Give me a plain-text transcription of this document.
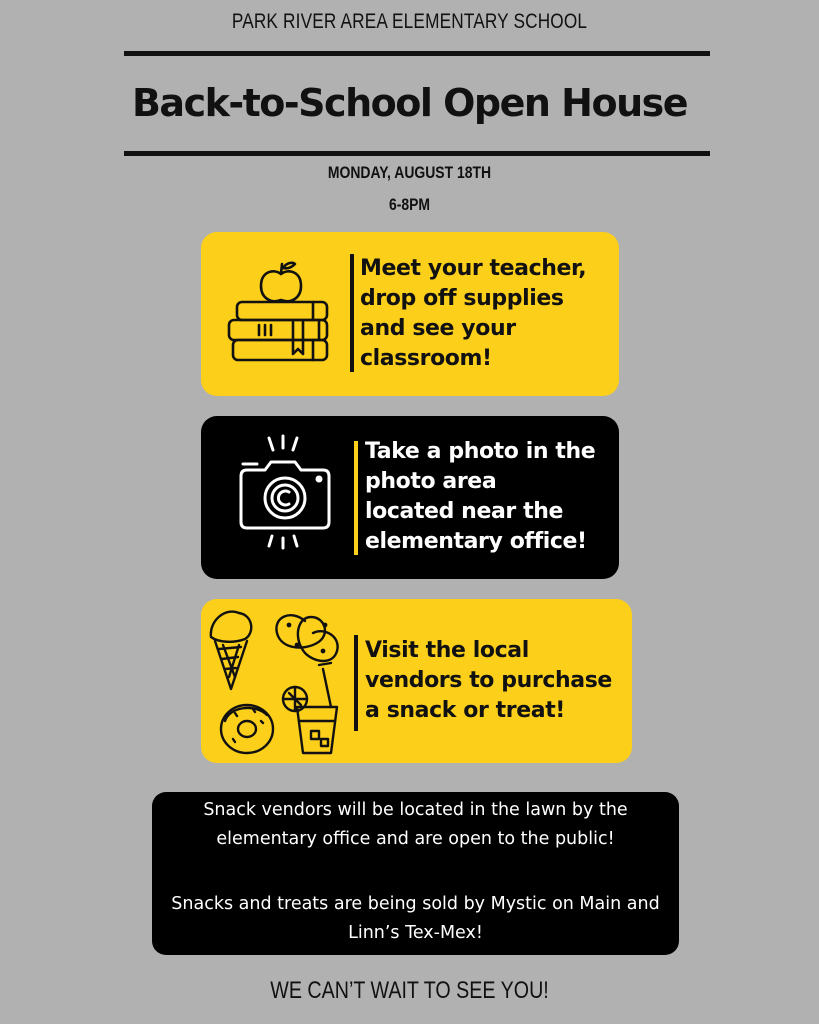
PARK RIVER AREA ELEMENTARY SCHOOL
Back-to-School Open House
MONDAY, AUGUST 18TH
6-8PM
Meet your teacher,
drop off supplies
and see your
classroom!
Take a photo in the
photo area
located near the
elementary office!
Visit the local
vendors to purchase
a snack or treat!

Snack vendors will be located in the lawn by the elementary office and are open to the public!

Snacks and treats are being sold by Mystic on Main and Linn’s Tex-Mex!

WE CAN’T WAIT TO SEE YOU!
